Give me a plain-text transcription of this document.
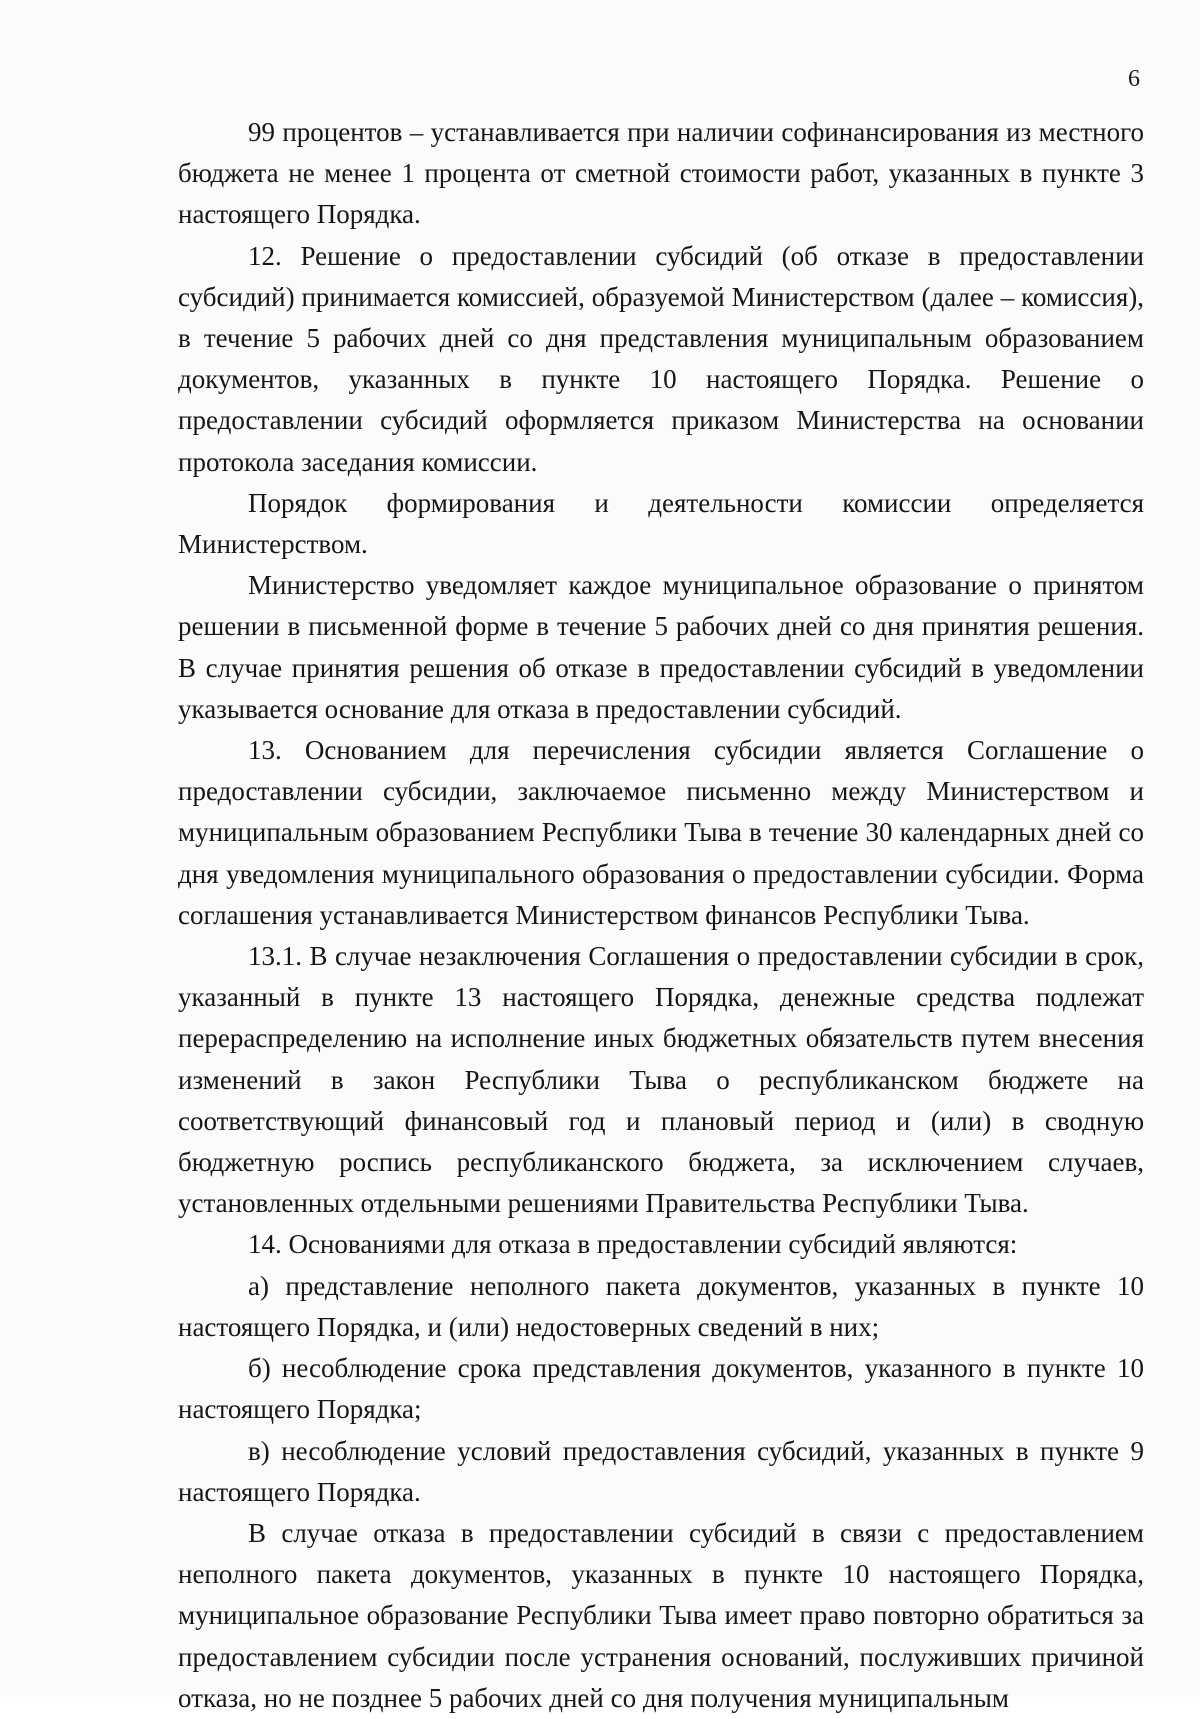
6

99 процентов – устанавливается при наличии софинансирования из местного бюджета не менее 1 процента от сметной стоимости работ, указанных в пункте 3 настоящего Порядка.

12. Решение о предоставлении субсидий (об отказе в предоставлении субсидий) принимается комиссией, образуемой Министерством (далее – комиссия), в течение 5 рабочих дней со дня представления муниципальным образованием документов, указанных в пункте 10 настоящего Порядка. Решение о предоставлении субсидий оформляется приказом Министерства на основании протокола заседания комиссии.

Порядок формирования и деятельности комиссии определяется Министерством.

Министерство уведомляет каждое муниципальное образование о принятом решении в письменной форме в течение 5 рабочих дней со дня принятия решения. В случае принятия решения об отказе в предоставлении субсидий в уведомлении указывается основание для отказа в предоставлении субсидий.

13. Основанием для перечисления субсидии является Соглашение о предоставлении субсидии, заключаемое письменно между Министерством и муниципальным образованием Республики Тыва в течение 30 календарных дней со дня уведомления муниципального образования о предоставлении субсидии. Форма соглашения устанавливается Министерством финансов Республики Тыва.

13.1. В случае незаключения Соглашения о предоставлении субсидии в срок, указанный в пункте 13 настоящего Порядка, денежные средства подлежат перераспределению на исполнение иных бюджетных обязательств путем внесения изменений в закон Республики Тыва о республиканском бюджете на соответствующий финансовый год и плановый период и (или) в сводную бюджетную роспись республиканского бюджета, за исключением случаев, установленных отдельными решениями Правительства Республики Тыва.

14. Основаниями для отказа в предоставлении субсидий являются:

а) представление неполного пакета документов, указанных в пункте 10 настоящего Порядка, и (или) недостоверных сведений в них;

б) несоблюдение срока представления документов, указанного в пункте 10 настоящего Порядка;

в) несоблюдение условий предоставления субсидий, указанных в пункте 9 настоящего Порядка.

В случае отказа в предоставлении субсидий в связи с предоставлением неполного пакета документов, указанных в пункте 10 настоящего Порядка, муниципальное образование Республики Тыва имеет право повторно обратиться за предоставлением субсидии после устранения оснований, послуживших причиной отказа, но не позднее 5 рабочих дней со дня получения муниципальным
